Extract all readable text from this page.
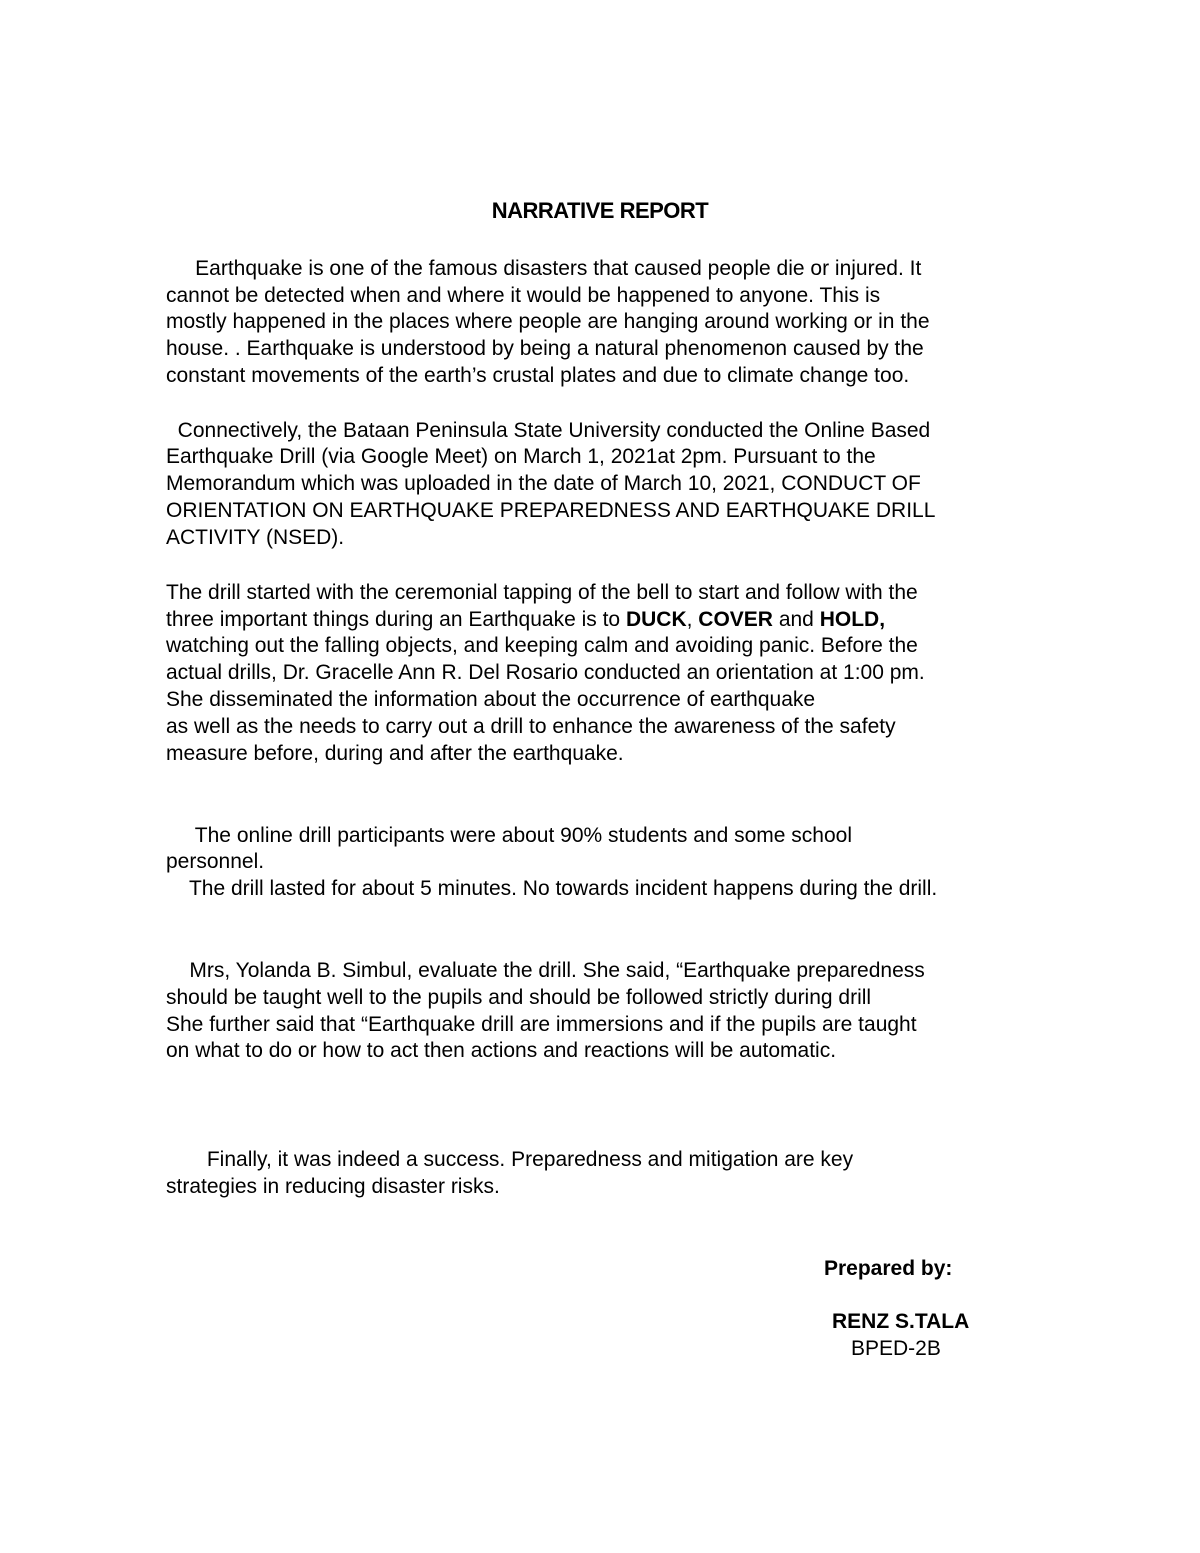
NARRATIVE REPORT
Earthquake is one of the famous disasters that caused people die or injured. It
cannot be detected when and where it would be happened to anyone. This is
mostly happened in the places where people are hanging around working or in the
house. . Earthquake is understood by being a natural phenomenon caused by the
constant movements of the earth’s crustal plates and due to climate change too.
Connectively, the Bataan Peninsula State University conducted the Online Based
Earthquake Drill (via Google Meet) on March 1, 2021at 2pm. Pursuant to the
Memorandum which was uploaded in the date of March 10, 2021, CONDUCT OF
ORIENTATION ON EARTHQUAKE PREPAREDNESS AND EARTHQUAKE DRILL
ACTIVITY (NSED).
The drill started with the ceremonial tapping of the bell to start and follow with the
three important things during an Earthquake is to DUCK, COVER and HOLD,
watching out the falling objects, and keeping calm and avoiding panic. Before the
actual drills, Dr. Gracelle Ann R. Del Rosario conducted an orientation at 1:00 pm.
She disseminated the information about the occurrence of earthquake
as well as the needs to carry out a drill to enhance the awareness of the safety
measure before, during and after the earthquake.
The online drill participants were about 90% students and some school
personnel.
The drill lasted for about 5 minutes. No towards incident happens during the drill.
Mrs, Yolanda B. Simbul, evaluate the drill. She said, “Earthquake preparedness
should be taught well to the pupils and should be followed strictly during drill
She further said that “Earthquake drill are immersions and if the pupils are taught
on what to do or how to act then actions and reactions will be automatic.
Finally, it was indeed a success. Preparedness and mitigation are key
strategies in reducing disaster risks.
Prepared by:
RENZ S.TALA
BPED-2B
